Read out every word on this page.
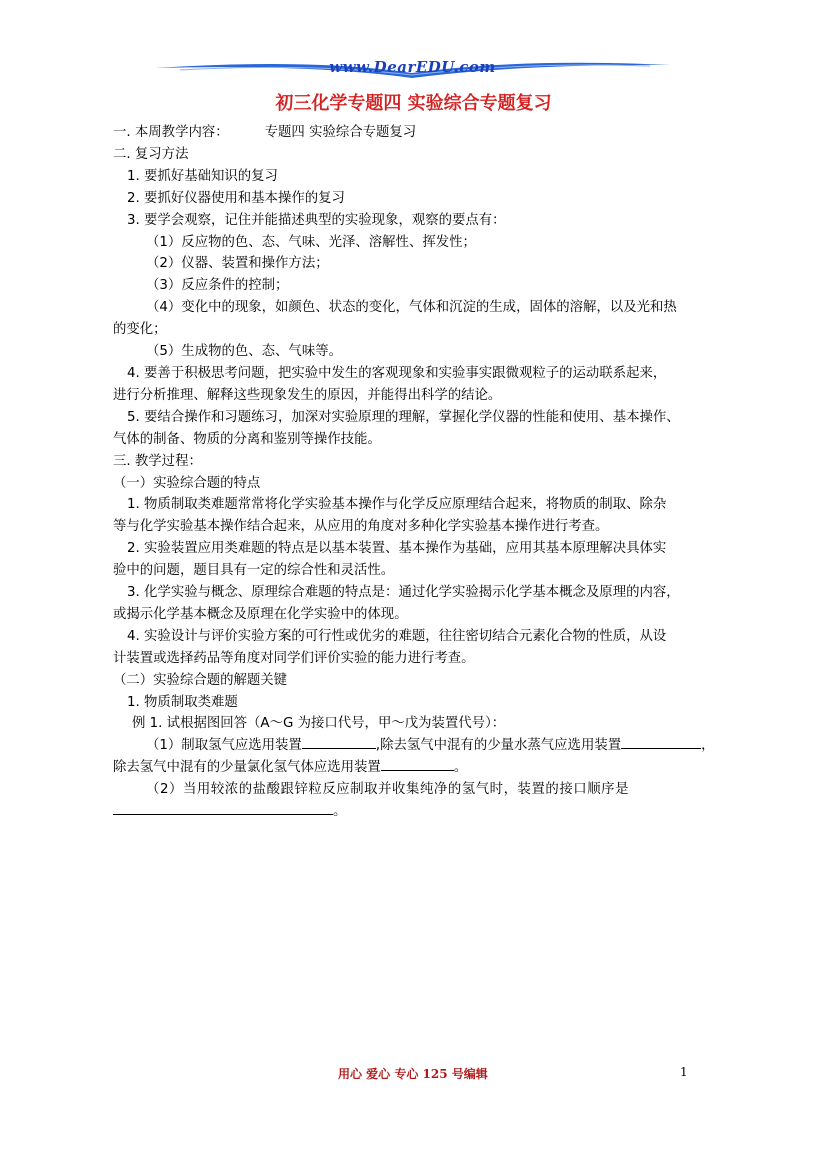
www.DearEDU.com
初三化学专题四 实验综合专题复习

一. 本周教学内容：	专题四 实验综合专题复习

二. 复习方法

1. 要抓好基础知识的复习

2. 要抓好仪器使用和基本操作的复习

3. 要学会观察，记住并能描述典型的实验现象，观察的要点有：

（1）反应物的色、态、气味、光泽、溶解性、挥发性；

（2）仪器、装置和操作方法；

（3）反应条件的控制；

（4）变化中的现象，如颜色、状态的变化，气体和沉淀的生成，固体的溶解，以及光和热

的变化；

（5）生成物的色、态、气味等。

4. 要善于积极思考问题，把实验中发生的客观现象和实验事实跟微观粒子的运动联系起来，

进行分析推理、解释这些现象发生的原因，并能得出科学的结论。

5. 要结合操作和习题练习，加深对实验原理的理解，掌握化学仪器的性能和使用、基本操作、

气体的制备、物质的分离和鉴别等操作技能。

三. 教学过程：

（一）实验综合题的特点

1. 物质制取类难题常常将化学实验基本操作与化学反应原理结合起来，将物质的制取、除杂

等与化学实验基本操作结合起来，从应用的角度对多种化学实验基本操作进行考查。

2. 实验装置应用类难题的特点是以基本装置、基本操作为基础，应用其基本原理解决具体实

验中的问题，题目具有一定的综合性和灵活性。

3. 化学实验与概念、原理综合难题的特点是：通过化学实验揭示化学基本概念及原理的内容，

或揭示化学基本概念及原理在化学实验中的体现。

4. 实验设计与评价实验方案的可行性或优劣的难题，往往密切结合元素化合物的性质，从设

计装置或选择药品等角度对同学们评价实验的能力进行考查。

（二）实验综合题的解题关键

1. 物质制取类难题

例 1. 试根据图回答（A～G 为接口代号，甲～戊为装置代号）：

（1）制取氢气应选用装置	,除去氢气中混有的少量水蒸气应选用装置	，

除去氢气中混有的少量氯化氢气体应选用装置	。

（2）当用较浓的盐酸跟锌粒反应制取并收集纯净的氢气时，装置的接口顺序是

。

用心 爱心 专心 125 号编辑	1
